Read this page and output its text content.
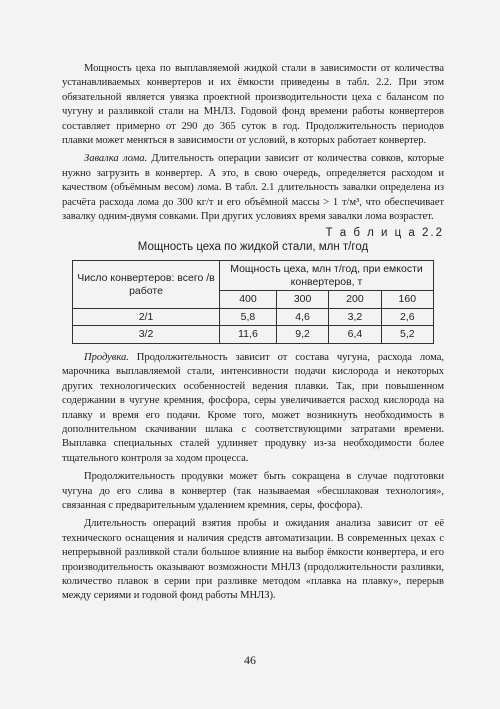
Мощность цеха по выплавляемой жидкой стали в зависимости от количества устанавливаемых конвертеров и их ёмкости приведены в табл. 2.2. При этом обязательной является увязка проектной производительности цеха с балансом по чугуну и разливкой стали на МНЛЗ. Годовой фонд времени работы конвертеров составляет примерно от 290 до 365 суток в год. Продолжительность периодов плавки может меняться в зависимости от условий, в которых работает конвертер.

Завалка лома. Длительность операции зависит от количества совков, которые нужно загрузить в конвертер. А это, в свою очередь, определяется расходом и качеством (объёмным весом) лома. В табл. 2.1 длительность завалки определена из расчёта расхода лома до 300 кг/т и его объёмной массы > 1 т/м³, что обеспечивает завалку одним-двумя совками. При других условиях время завалки лома возрастет.

Т а б л и ц а 2.2
Мощность цеха по жидкой стали, млн т/год
Число конвертеров: всего /в работе	Мощность цеха, млн т/год, при емкости конвертеров, т			
	400	300	200	160
2/1	5,8	4,6	3,2	2,6
3/2	11,6	9,2	6,4	5,2

Продувка. Продолжительность зависит от состава чугуна, расхода лома, марочника выплавляемой стали, интенсивности подачи кислорода и некоторых других технологических особенностей ведения плавки. Так, при повышенном содержании в чугуне кремния, фосфора, серы увеличивается расход кислорода на плавку и время его подачи. Кроме того, может возникнуть необходимость в дополнительном скачивании шлака с соответствующими затратами времени. Выплавка специальных сталей удлиняет продувку из-за необходимости более тщательного контроля за ходом процесса.

Продолжительность продувки может быть сокращена в случае подготовки чугуна до его слива в конвертер (так называемая «бесшлаковая технология», связанная с предварительным удалением кремния, серы, фосфора).

Длительность операций взятия пробы и ожидания анализа зависит от её технического оснащения и наличия средств автоматизации. В современных цехах с непрерывной разливкой стали большое влияние на выбор ёмкости конвертера, и его производительность оказывают возможности МНЛЗ (продолжительности разливки, количество плавок в серии при разливке методом «плавка на плавку», перерыв между сериями и годовой фонд работы МНЛЗ).

46
